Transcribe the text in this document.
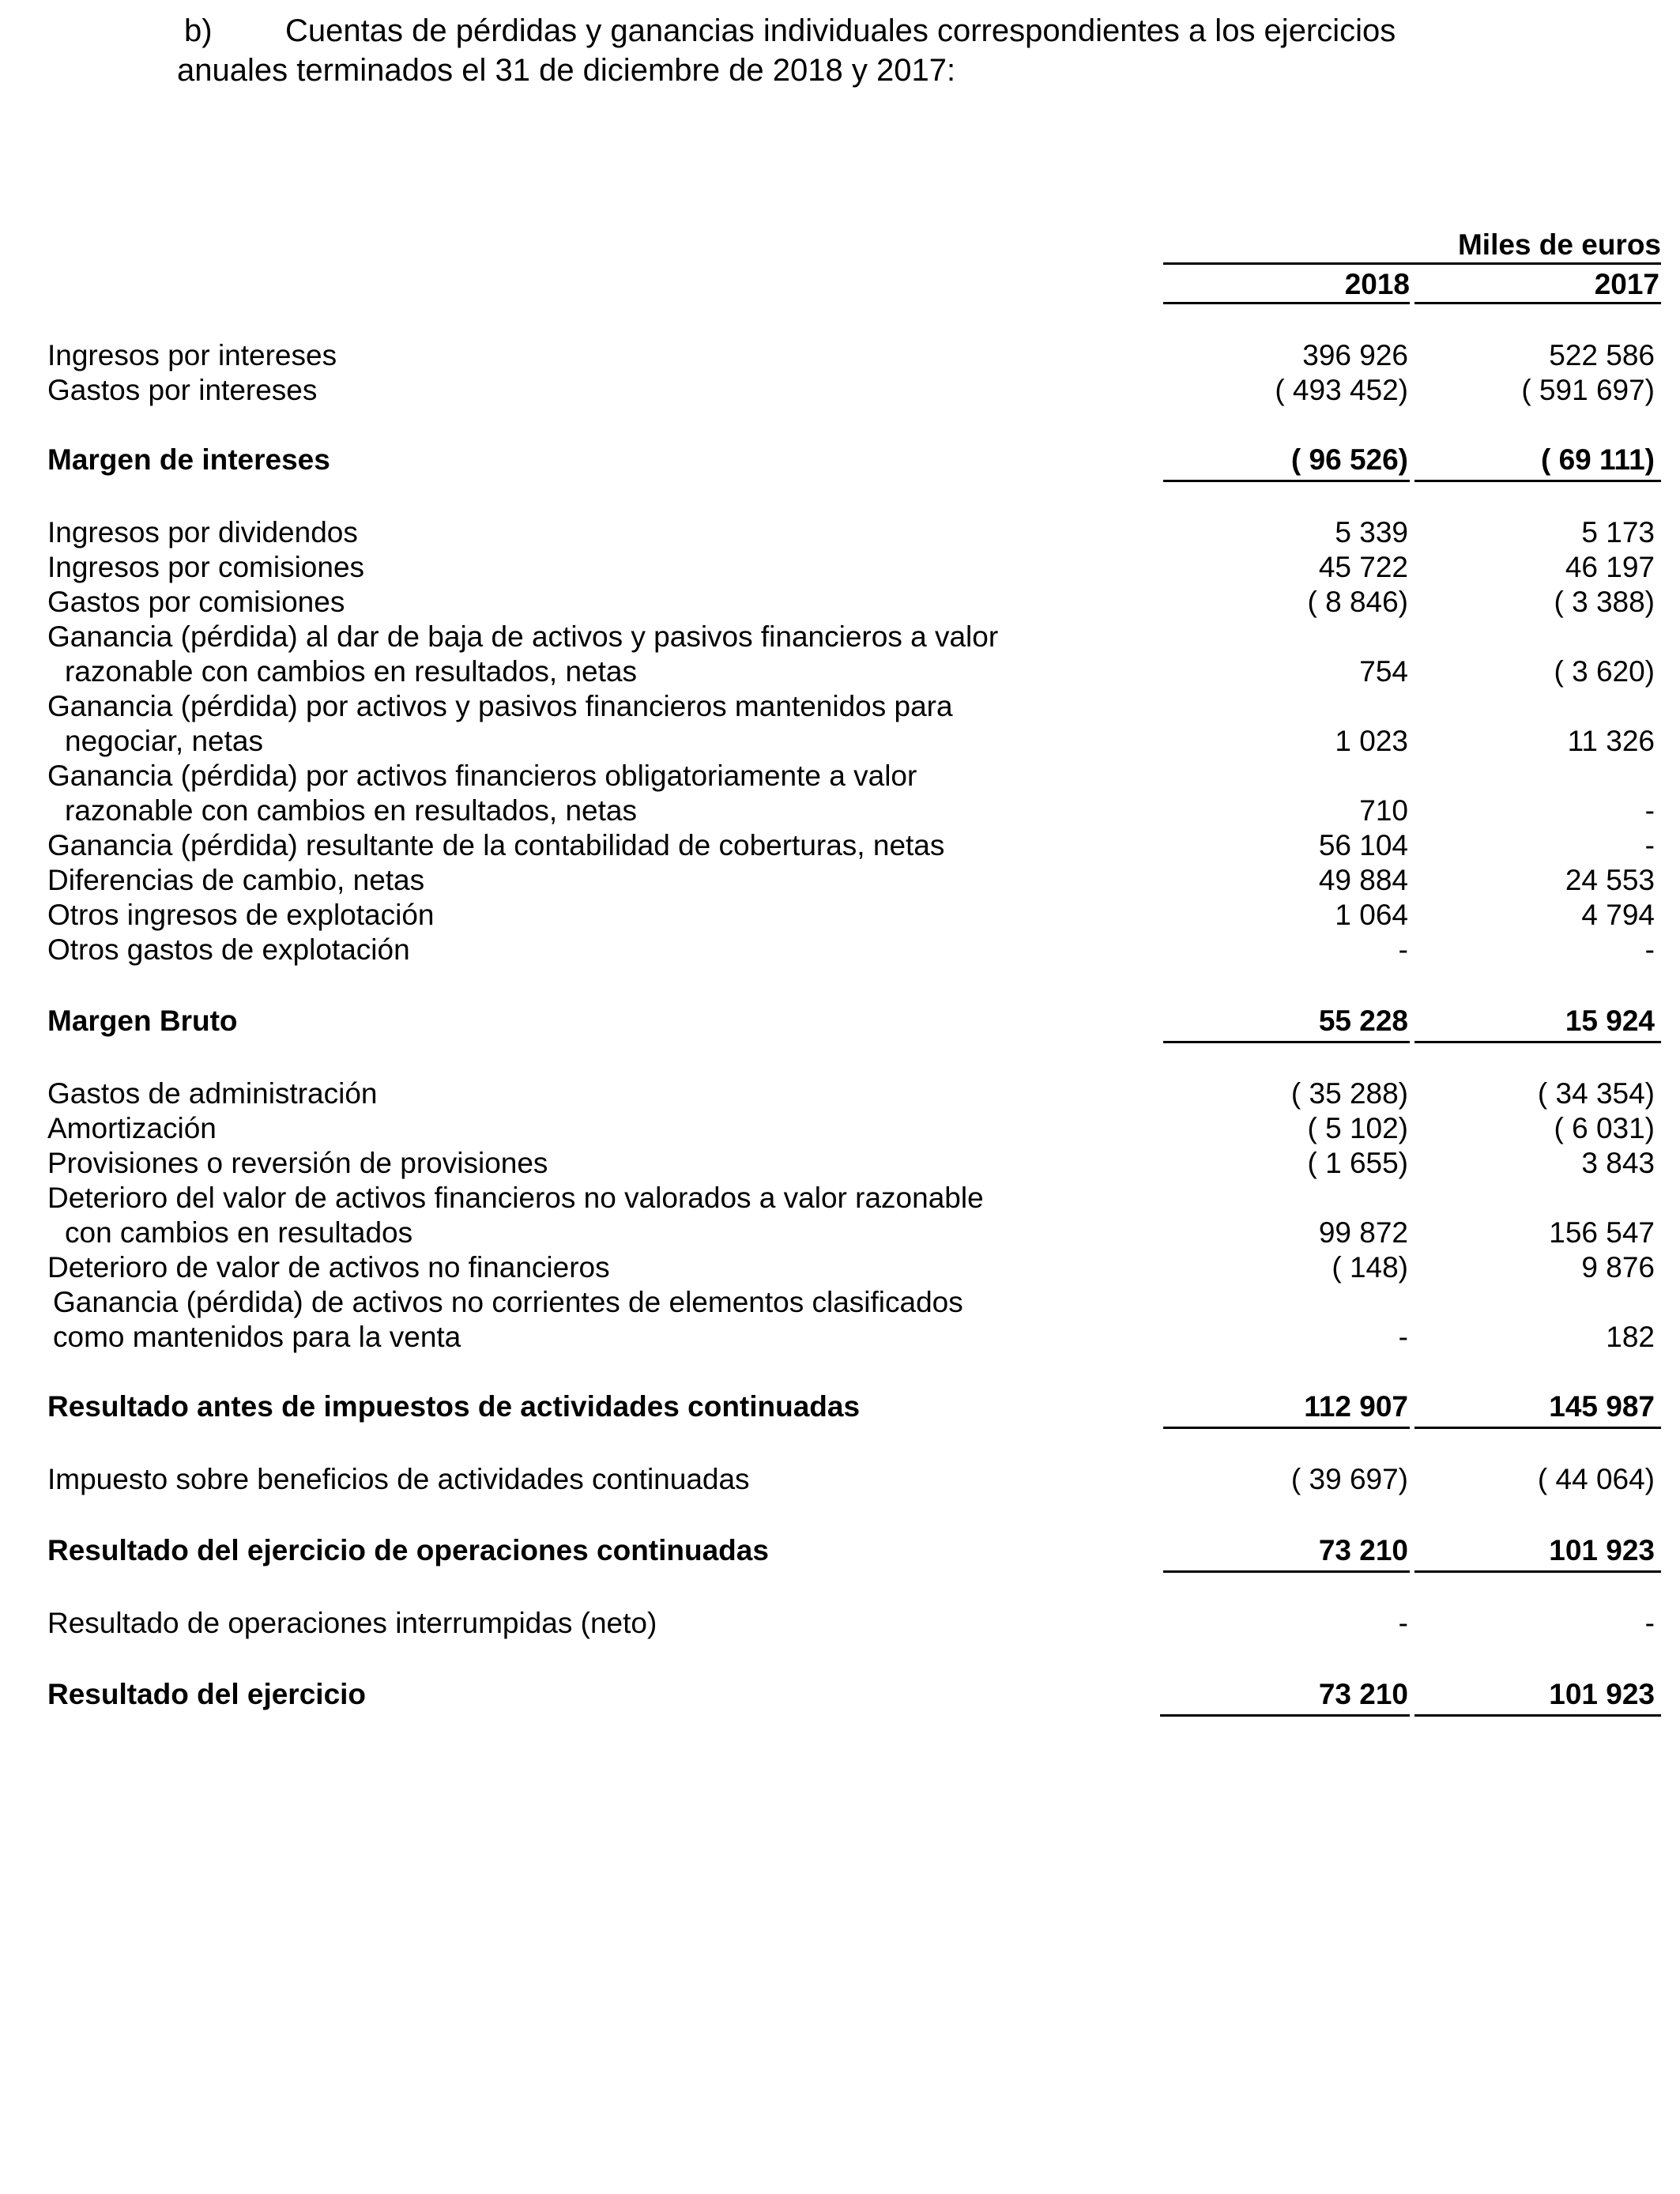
b) Cuentas de pérdidas y ganancias individuales correspondientes a los ejercicios
anuales terminados el 31 de diciembre de 2018 y 2017:
Miles de euros
2018	2017
Ingresos por intereses	396 926	522 586
Gastos por intereses	( 493 452)	( 591 697)
Margen de intereses	( 96 526)	( 69 111)
Ingresos por dividendos	5 339	5 173
Ingresos por comisiones	45 722	46 197
Gastos por comisiones	( 8 846)	( 3 388)
Ganancia (pérdida) al dar de baja de activos y pasivos financieros a valor
razonable con cambios en resultados, netas	754	( 3 620)
Ganancia (pérdida) por activos y pasivos financieros mantenidos para
negociar, netas	1 023	11 326
Ganancia (pérdida) por activos financieros obligatoriamente a valor
razonable con cambios en resultados, netas	710	-
Ganancia (pérdida) resultante de la contabilidad de coberturas, netas	56 104	-
Diferencias de cambio, netas	49 884	24 553
Otros ingresos de explotación	1 064	4 794
Otros gastos de explotación	-	-
Margen Bruto	55 228	15 924
Gastos de administración	( 35 288)	( 34 354)
Amortización	( 5 102)	( 6 031)
Provisiones o reversión de provisiones	( 1 655)	3 843
Deterioro del valor de activos financieros no valorados a valor razonable
con cambios en resultados	99 872	156 547
Deterioro de valor de activos no financieros	( 148)	9 876
Ganancia (pérdida) de activos no corrientes de elementos clasificados
como mantenidos para la venta	-	182
Resultado antes de impuestos de actividades continuadas	112 907	145 987
Impuesto sobre beneficios de actividades continuadas	( 39 697)	( 44 064)
Resultado del ejercicio de operaciones continuadas	73 210	101 923
Resultado de operaciones interrumpidas (neto)	-	-
Resultado del ejercicio	73 210	101 923
